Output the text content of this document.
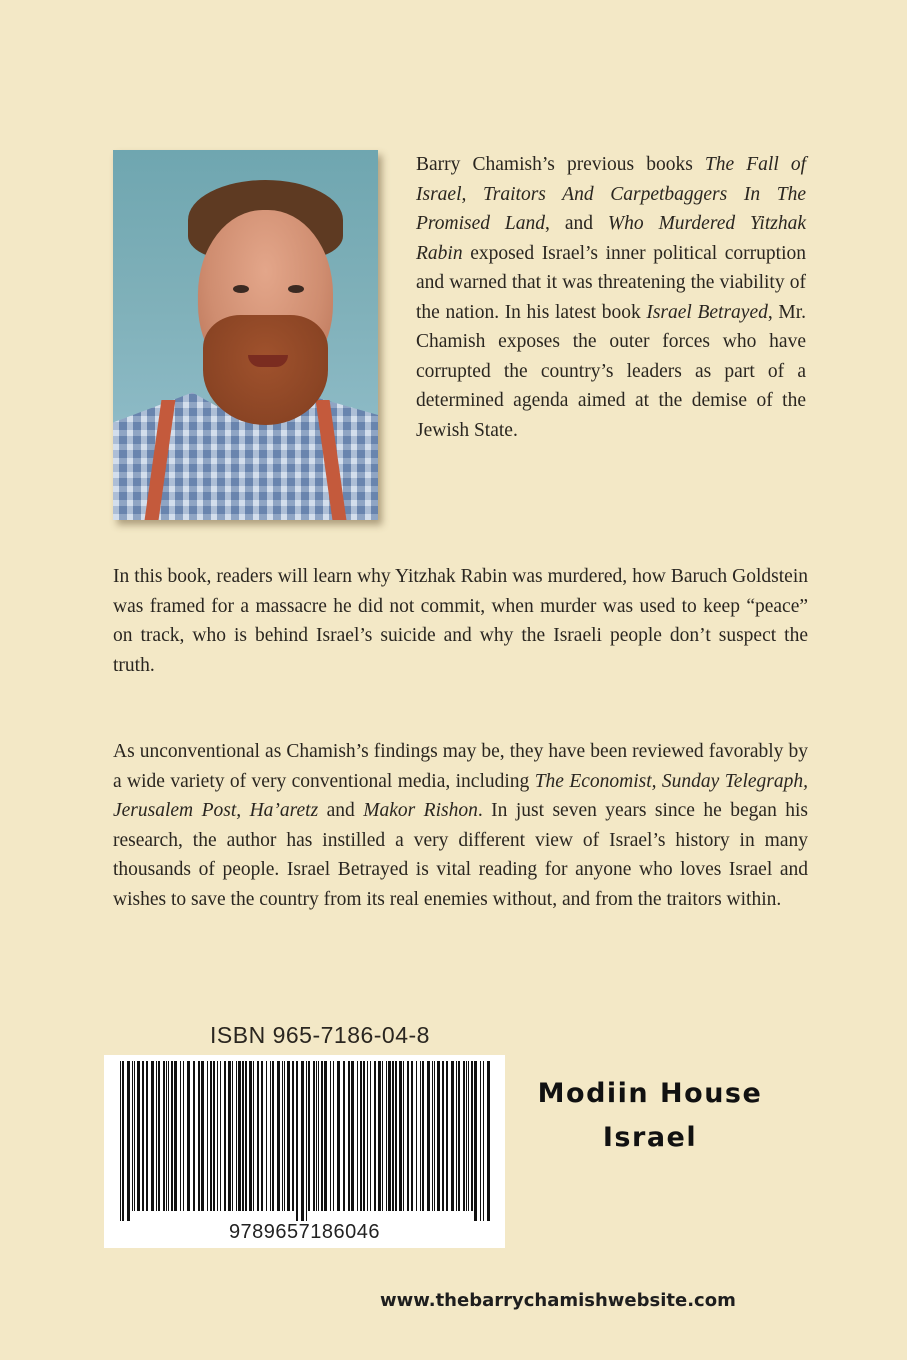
Barry Chamish’s previous books The Fall of Israel, Traitors And Carpetbaggers In The Promised Land, and Who Murdered Yitzhak Rabin exposed Israel’s inner political corruption and warned that it was threatening the viability of the nation. In his latest book Israel Betrayed, Mr. Chamish exposes the outer forces who have corrupted the country’s leaders as part of a determined agenda aimed at the demise of the Jewish State.

In this book, readers will learn why Yitzhak Rabin was murdered, how Baruch Goldstein was framed for a massacre he did not commit, when murder was used to keep “peace” on track, who is behind Israel’s suicide and why the Israeli people don’t suspect the truth.

As unconventional as Chamish’s findings may be, they have been reviewed favorably by a wide variety of very conventional media, including The Economist, Sunday Telegraph, Jerusalem Post, Ha’aretz and Makor Rishon. In just seven years since he began his research, the author has instilled a very different view of Israel’s history in many thousands of people. Israel Betrayed is vital reading for anyone who loves Israel and wishes to save the country from its real enemies without, and from the traitors within.

ISBN 965-7186-04-8
9789657186046
Modiin House
Israel
www.thebarrychamishwebsite.com
